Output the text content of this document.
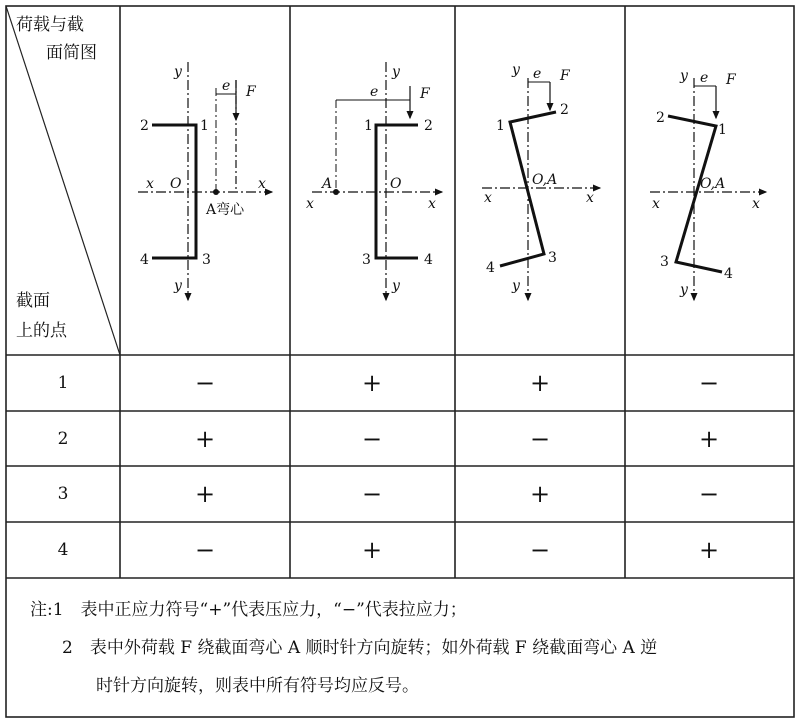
y
y
x	x
e F
O
A弯心
2	1
4	3
y
y
x	x
e	F
O
A
1	2
3	4
y
y
x	x
e F
O,A
1
2
3
4
y
y
x	x
e F
O,A
2
1
3
4
荷载与截
面简图
截面
上的点
1	−	+	+	−
2	+	−	−	+
3	+	−	+	−
4	−	+	−	+
注:1　表中正应力符号“+”代表压应力，“−”代表拉应力；
2　表中外荷载 F 绕截面弯心 A 顺时针方向旋转；如外荷载 F 绕截面弯心 A 逆
时针方向旋转，则表中所有符号均应反号。
